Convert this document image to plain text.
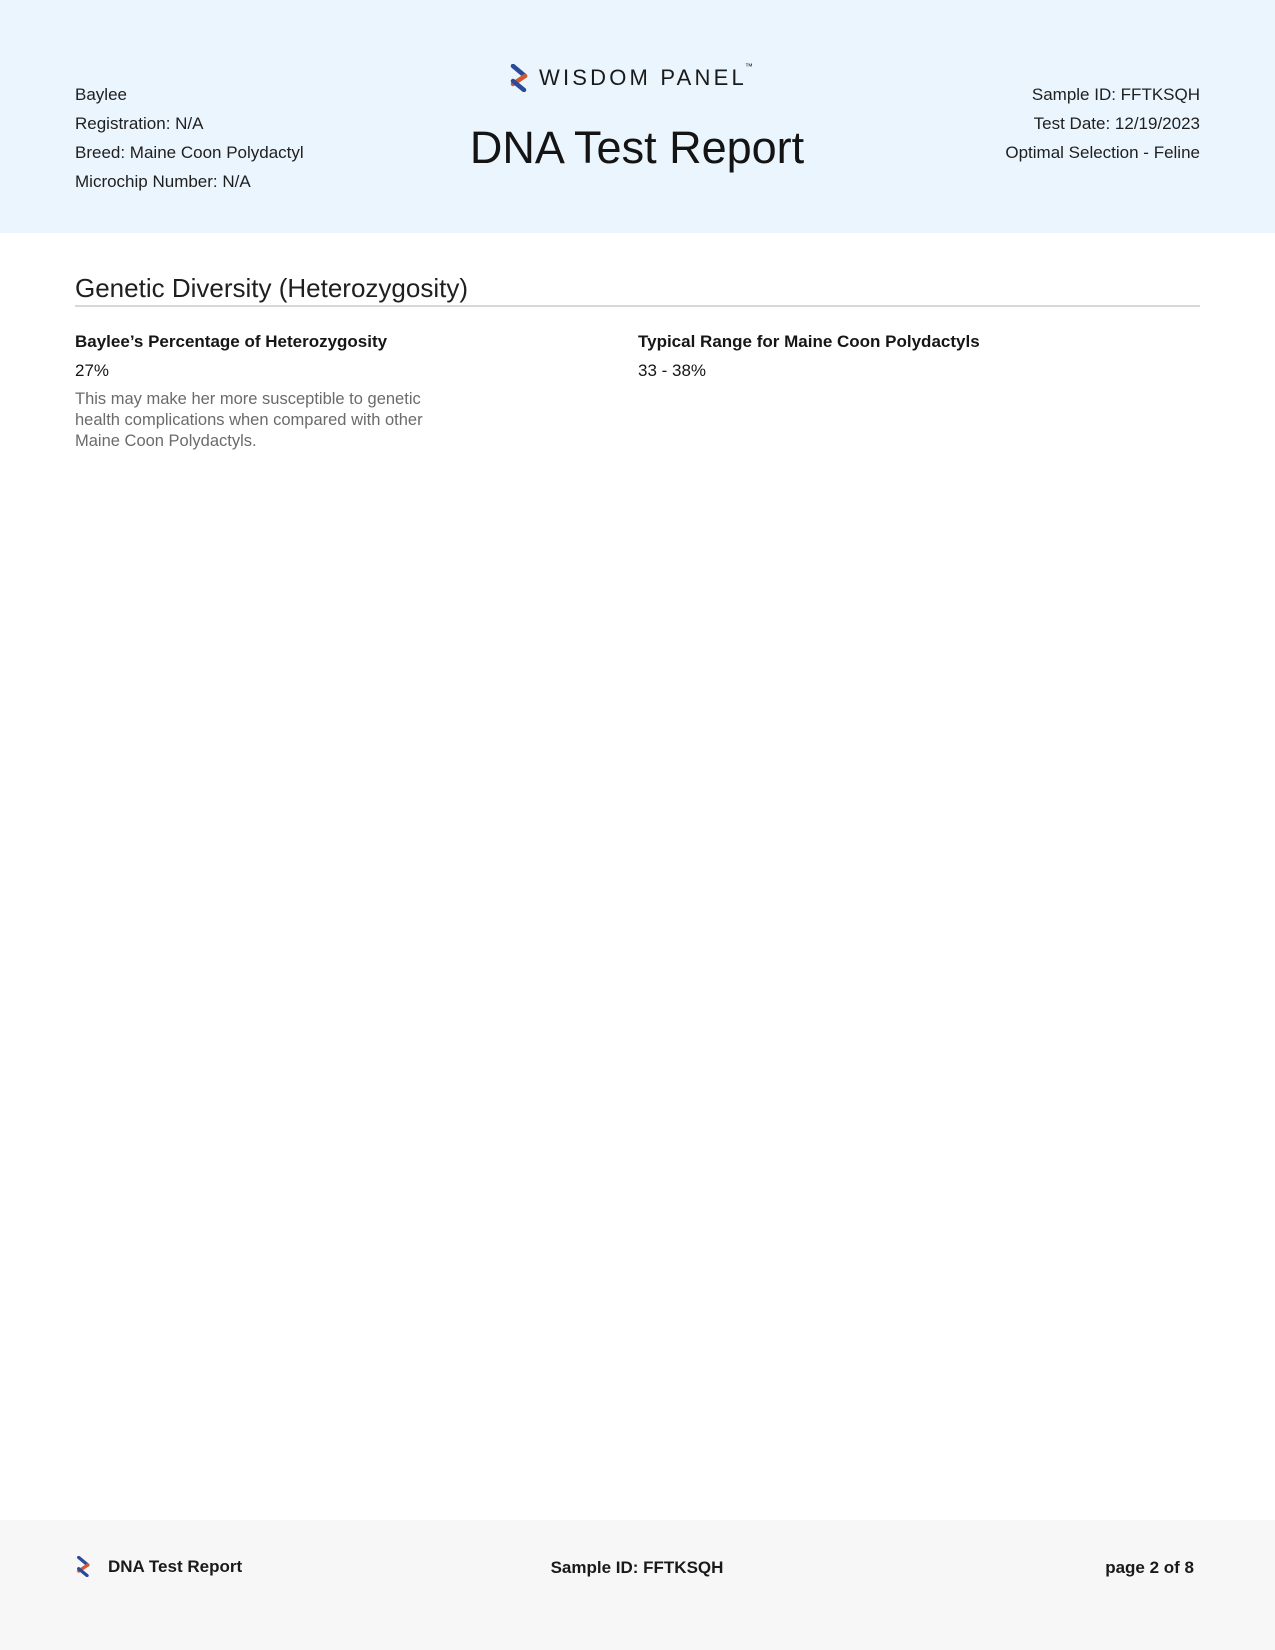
Baylee
Registration: N/A
Breed: Maine Coon Polydactyl
Microchip Number: N/A
WISDOM PANEL™
DNA Test Report
Sample ID: FFTKSQH
Test Date: 12/19/2023
Optimal Selection - Feline
Genetic Diversity (Heterozygosity)
Baylee’s Percentage of Heterozygosity
27%
This may make her more susceptible to genetic health complications when compared with other Maine Coon Polydactyls.
Typical Range for Maine Coon Polydactyls
33 - 38%
DNA Test Report	Sample ID: FFTKSQH	page 2 of 8
